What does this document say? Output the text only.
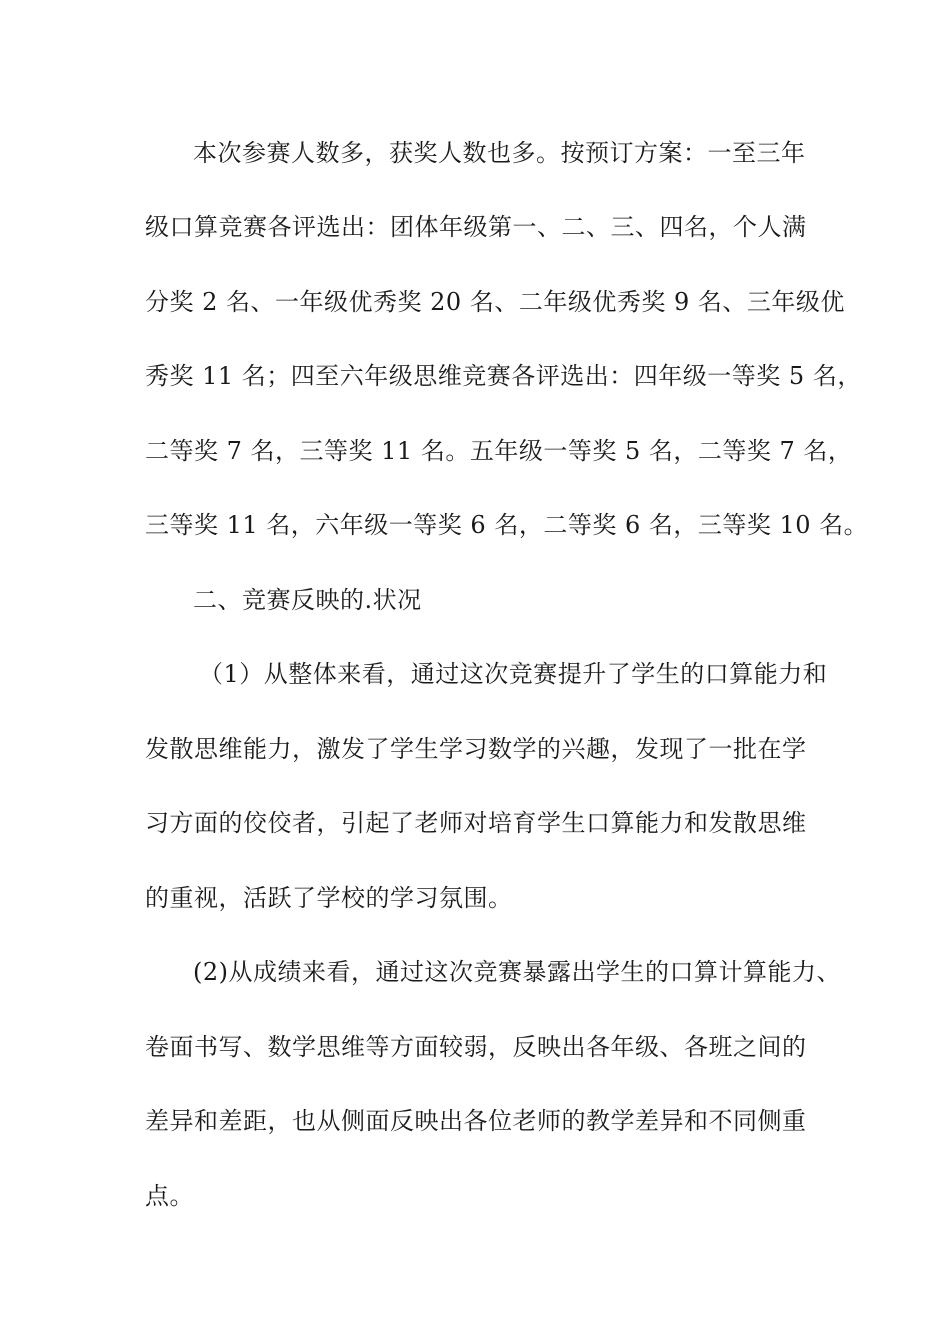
本次参赛人数多，获奖人数也多。按预订方案：一至三年
级口算竞赛各评选出：团体年级第一、二、三、四名，个人满
分奖 2 名、一年级优秀奖 20 名、二年级优秀奖 9 名、三年级优
秀奖 11 名；四至六年级思维竞赛各评选出：四年级一等奖 5 名，
二等奖 7 名，三等奖 11 名。五年级一等奖 5 名，二等奖 7 名，
三等奖 11 名，六年级一等奖 6 名，二等奖 6 名，三等奖 10 名。
二、竞赛反映的.状况
（1）从整体来看，通过这次竞赛提升了学生的口算能力和
发散思维能力，激发了学生学习数学的兴趣，发现了一批在学
习方面的佼佼者，引起了老师对培育学生口算能力和发散思维
的重视，活跃了学校的学习氛围。
(2)从成绩来看，通过这次竞赛暴露出学生的口算计算能力、
卷面书写、数学思维等方面较弱，反映出各年级、各班之间的
差异和差距，也从侧面反映出各位老师的教学差异和不同侧重
点。
